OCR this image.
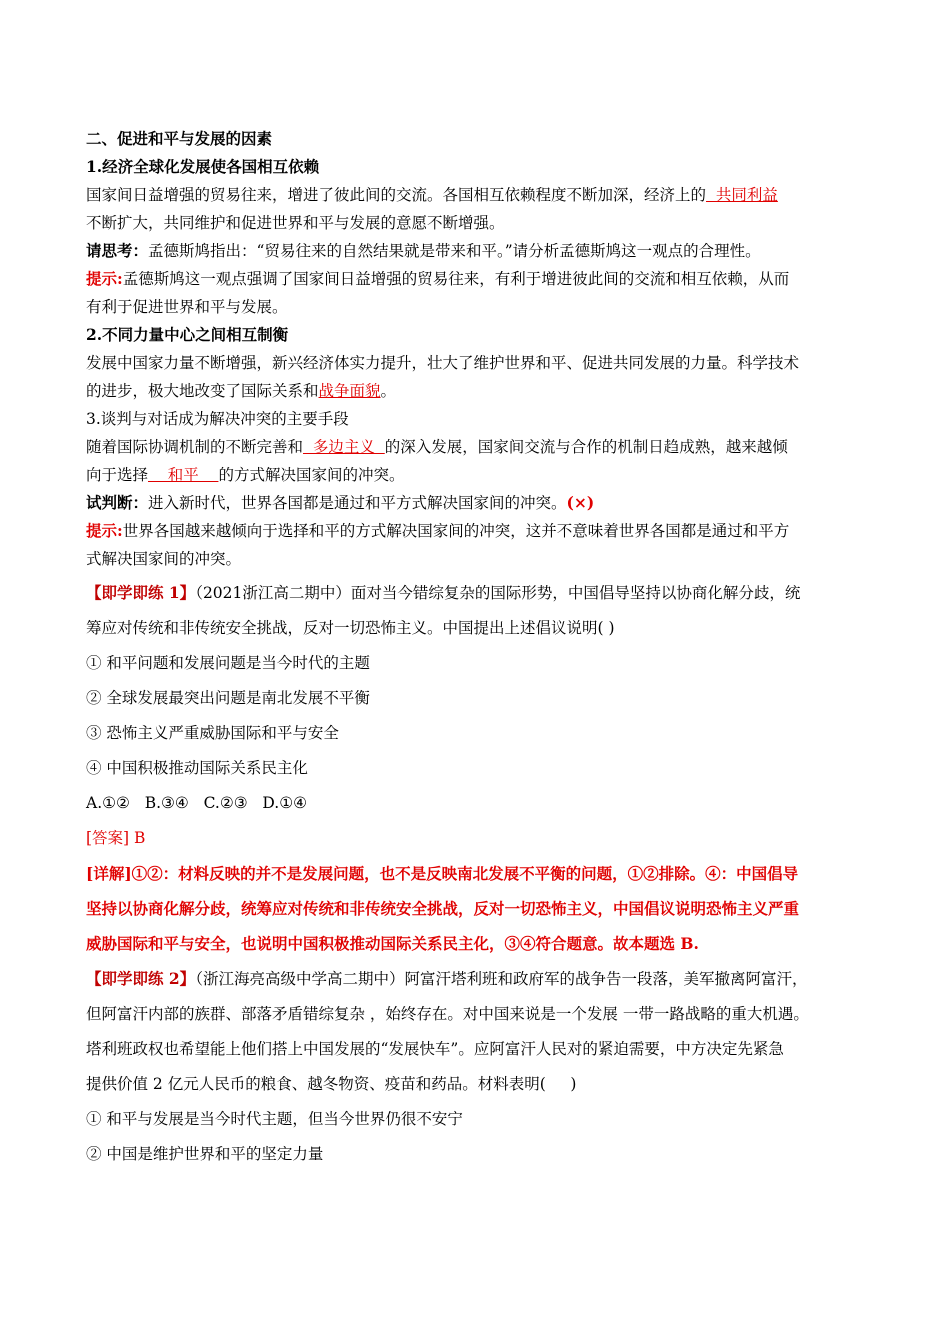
二、促进和平与发展的因素
1.经济全球化发展使各国相互依赖
国家间日益增强的贸易往来，增进了彼此间的交流。各国相互依赖程度不断加深，经济上的  共同利益
不断扩大，共同维护和促进世界和平与发展的意愿不断增强。
请思考：孟德斯鸠指出：“贸易往来的自然结果就是带来和平。”请分析孟德斯鸠这一观点的合理性。
提示:孟德斯鸠这一观点强调了国家间日益增强的贸易往来，有利于增进彼此间的交流和相互依赖，从而
有利于促进世界和平与发展。
2.不同力量中心之间相互制衡
发展中国家力量不断增强，新兴经济体实力提升，壮大了维护世界和平、促进共同发展的力量。科学技术
的进步，极大地改变了国际关系和战争面貌。
3.谈判与对话成为解决冲突的主要手段
随着国际协调机制的不断完善和  多边主义  的深入发展，国家间交流与合作的机制日趋成熟，越来越倾
向于选择    和平    的方式解决国家间的冲突。
试判断：进入新时代，世界各国都是通过和平方式解决国家间的冲突。(×)
提示:世界各国越来越倾向于选择和平的方式解决国家间的冲突，这并不意味着世界各国都是通过和平方
式解决国家间的冲突。
【即学即练 1】（2021浙江高二期中）面对当今错综复杂的国际形势，中国倡导坚持以协商化解分歧，统
筹应对传统和非传统安全挑战，反对一切恐怖主义。中国提出上述倡议说明( )
① 和平问题和发展问题是当今时代的主题
② 全球发展最突出问题是南北发展不平衡
③ 恐怖主义严重威胁国际和平与安全
④ 中国积极推动国际关系民主化
A.①②   B.③④   C.②③   D.①④
[答案] B
[详解]①②：材料反映的并不是发展问题，也不是反映南北发展不平衡的问题，①②排除。④：中国倡导
坚持以协商化解分歧，统筹应对传统和非传统安全挑战，反对一切恐怖主义，中国倡议说明恐怖主义严重
威胁国际和平与安全，也说明中国积极推动国际关系民主化，③④符合题意。故本题选 B.
【即学即练 2】（浙江海亮高级中学高二期中）阿富汗塔利班和政府军的战争告一段落，美军撤离阿富汗，
但阿富汗内部的族群、部落矛盾错综复杂 ，始终存在。对中国来说是一个发展 一带一路战略的重大机遇。
塔利班政权也希望能上他们搭上中国发展的“发展快车”。应阿富汗人民对的紧迫需要，中方决定先紧急
提供价值 2 亿元人民币的粮食、越冬物资、疫苗和药品。材料表明(     )
① 和平与发展是当今时代主题，但当今世界仍很不安宁
② 中国是维护世界和平的坚定力量
